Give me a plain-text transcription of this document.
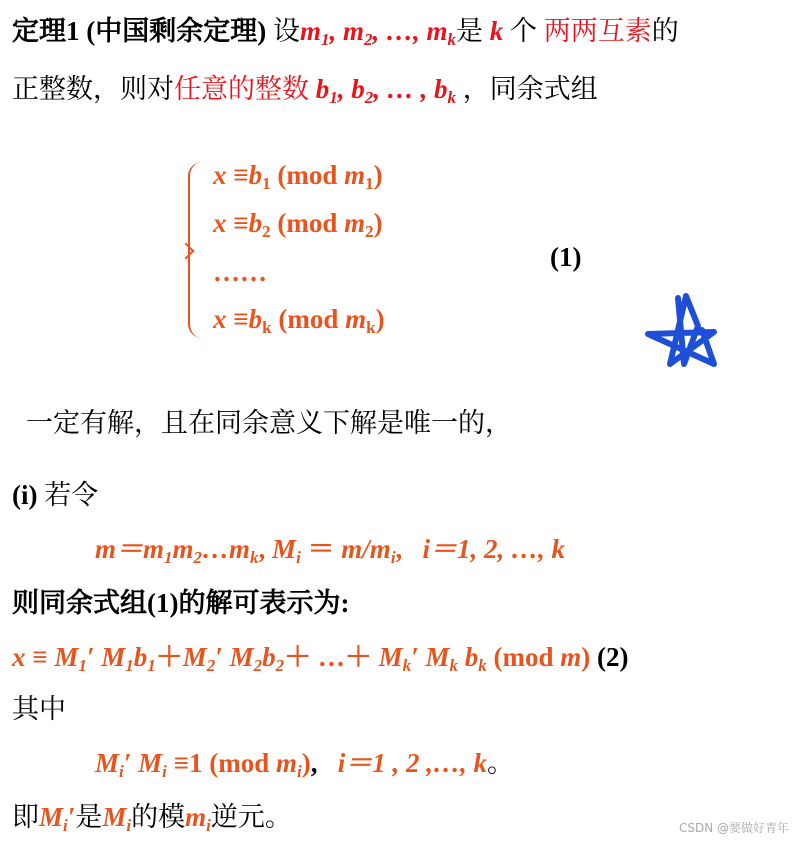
定理1 (中国剩余定理) 设$m_1$, $m_2$, …, $m_k$是 k 个 两两互素的
正整数，则对任意的整数 $b_1$, $b_2$, … , $b_k$ ，同余式组
$x \equiv b_1$ (mod $m_1$)
$x \equiv b_2$ (mod $m_2$)
……
$x \equiv b_k$ (mod $m_k$)
(1)
一定有解，且在同余意义下解是唯一的，
(i) 若令
$m=m_1m_2\dots m_k$, $M_i = m/m_i$, i＝1, 2, …, k
则同余式组(1)的解可表示为:
$x \equiv M_1'$ $M_1b_1+M_2'$ $M_2b_2+$ …＋ $M_k'$ $M_k$ $b_k$ (mod m) (2)
其中
$M_i'$ $M_i \equiv 1$ (mod $m_i$), i＝1 , 2 ,…, k。
即$M_i'$是$M_i$的模$m_i$逆元。	CSDN @要做好青年
